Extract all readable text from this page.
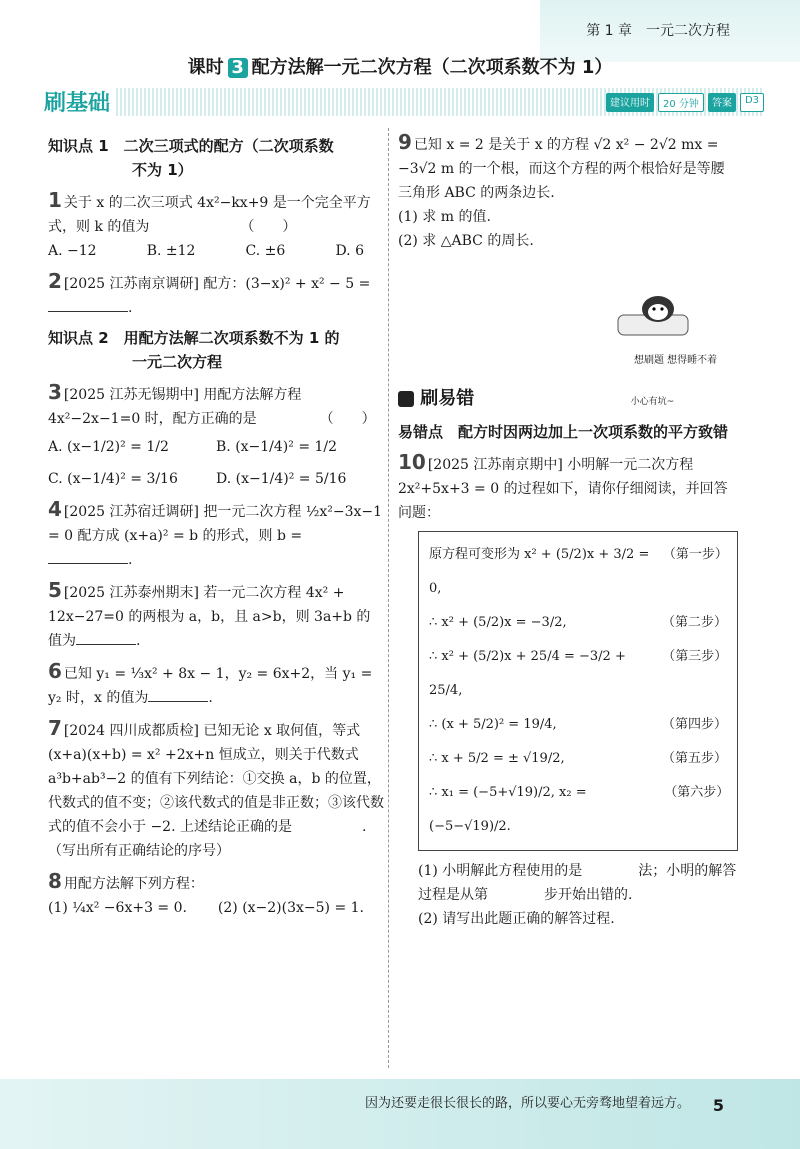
第 1 章　一元二次方程
课时 3 配方法解一元二次方程（二次项系数不为 1）
刷基础	建议用时	20 分钟	答案	D3
知识点 1　二次三项式的配方（二次项系数
不为 1）
1 关于 x 的二次三项式 4x²−kx+9 是一个完全平方式，则 k 的值为　　　　　　　（　　）
A. −12	B. ±12	C. ±6	D. 6
2 [2025 江苏南京调研] 配方：(3−x)² + x² − 5 =
.
知识点 2　用配方法解二次项系数不为 1 的
一元二次方程
3 [2025 江苏无锡期中] 用配方法解方程 4x²−2x−1=0 时，配方正确的是　　　　　（　　）
A. (x−1/2)² = 1/2	B. (x−1/4)² = 1/2
C. (x−1/4)² = 3/16	D. (x−1/4)² = 5/16
4 [2025 江苏宿迁调研] 把一元二次方程 ½x²−3x−1 = 0 配方成 (x+a)² = b 的形式，则 b =
.
5 [2025 江苏泰州期末] 若一元二次方程 4x² + 12x−27=0 的两根为 a，b，且 a>b，则 3a+b 的值为	.
6 已知 y₁ = ⅓x² + 8x − 1，y₂ = 6x+2，当 y₁ = y₂ 时，x 的值为	.
7 [2024 四川成都质检] 已知无论 x 取何值，等式 (x+a)(x+b) = x² +2x+n 恒成立，则关于代数式 a³b+ab³−2 的值有下列结论：①交换 a，b 的位置，代数式的值不变；②该代数式的值是非正数；③该代数式的值不会小于 −2. 上述结论正确的是　　　　　.（写出所有正确结论的序号）
8 用配方法解下列方程：
(1) ¼x² −6x+3 = 0. (2) (x−2)(3x−5) = 1.
9 已知 x = 2 是关于 x 的方程 √2 x² − 2√2 mx = −3√2 m 的一个根，而这个方程的两个根恰好是等腰三角形 ABC 的两条边长.
(1) 求 m 的值.
(2) 求 △ABC 的周长.
想刷题 想得睡不着
刷易错	小心有坑~
易错点　配方时因两边加上一次项系数的平方致错
10 [2025 江苏南京期中] 小明解一元二次方程 2x²+5x+3 = 0 的过程如下，请你仔细阅读，并回答问题：
原方程可变形为 x² + (5/2)x + 3/2 = 0,
（第一步）
∴ x² + (5/2)x = −3/2,	（第二步）
∴ x² + (5/2)x + 25/4 = −3/2 + 25/4,
（第三步）
∴ (x + 5/2)² = 19/4,	（第四步）
∴ x + 5/2 = ± √19/2,	（第五步）
∴ x₁ = (−5+√19)/2, x₂ = (−5−√19)/2.
（第六步）
(1) 小明解此方程使用的是　　　　法；小明的解答过程是从第　　　　步开始出错的.
(2) 请写出此题正确的解答过程.
因为还要走很长很长的路，所以要心无旁骛地望着远方。 5
